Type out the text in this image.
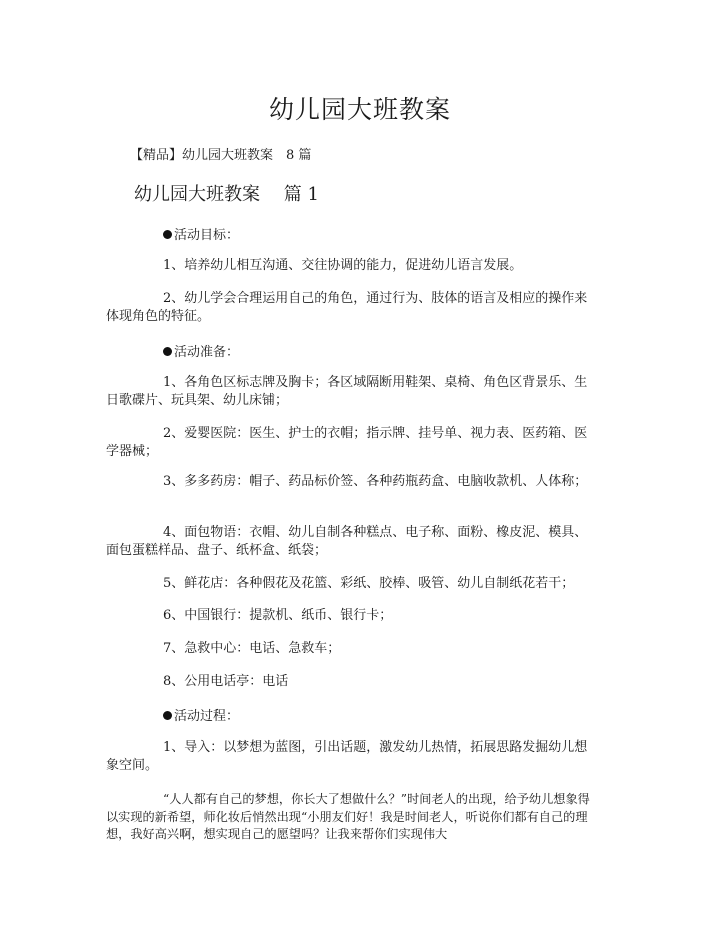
幼儿园大班教案

【精品】幼儿园大班教案　8 篇

幼儿园大班教案　 篇 1

活动目标：

1、培养幼儿相互沟通、交往协调的能力，促进幼儿语言发展。

2、幼儿学会合理运用自己的角色，通过行为、肢体的语言及相应的操作来体现角色的特征。

活动准备：

1、各角色区标志牌及胸卡；各区域隔断用鞋架、桌椅、角色区背景乐、生日歌碟片、玩具架、幼儿床铺；

2、爱婴医院：医生、护士的衣帽；指示牌、挂号单、视力表、医药箱、医学器械；

3、多多药房：帽子、药品标价签、各种药瓶药盒、电脑收款机、人体称；

4、面包物语：衣帽、幼儿自制各种糕点、电子称、面粉、橡皮泥、模具、面包蛋糕样品、盘子、纸杯盒、纸袋；

5、鲜花店：各种假花及花篮、彩纸、胶棒、吸管、幼儿自制纸花若干；

6、中国银行：提款机、纸币、银行卡；

7、急救中心：电话、急救车；

8、公用电话亭：电话

活动过程：

1、导入：以梦想为蓝图，引出话题，激发幼儿热情，拓展思路发掘幼儿想象空间。

“人人都有自己的梦想，你长大了想做什么？”时间老人的出现，给予幼儿想象得以实现的新希望，师化妆后悄然出现“小朋友们好！我是时间老人，听说你们都有自己的理想，我好高兴啊，想实现自己的愿望吗？让我来帮你们实现伟大
